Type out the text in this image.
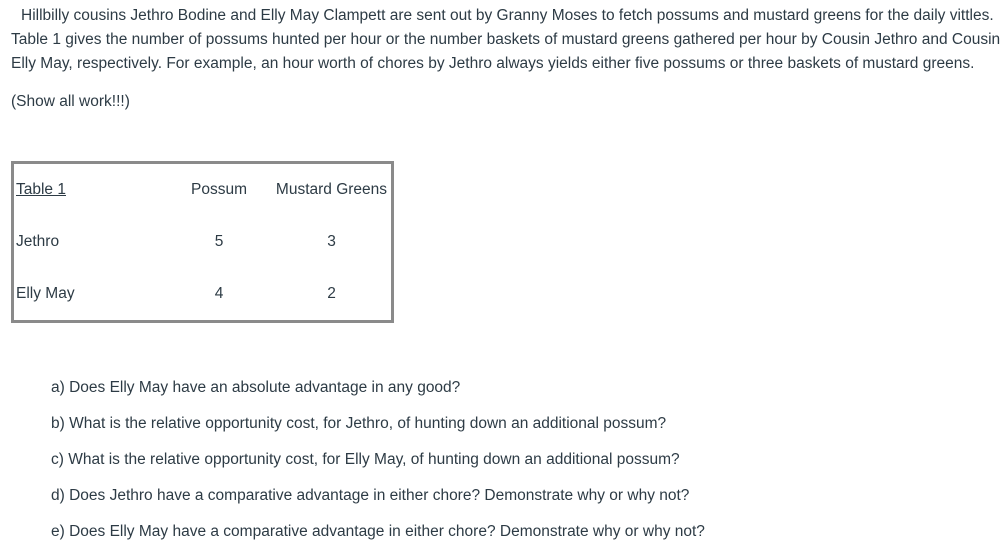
Hillbilly cousins Jethro Bodine and Elly May Clampett are sent out by Granny Moses to fetch possums and mustard greens for the daily vittles.
Table 1 gives the number of possums hunted per hour or the number baskets of mustard greens gathered per hour by Cousin Jethro and Cousin
Elly May, respectively. For example, an hour worth of chores by Jethro always yields either five possums or three baskets of mustard greens.
(Show all work!!!)
Table 1	Possum	Mustard Greens
Jethro	5	3
Elly May	4	2
a) Does Elly May have an absolute advantage in any good?
b) What is the relative opportunity cost, for Jethro, of hunting down an additional possum?
c) What is the relative opportunity cost, for Elly May, of hunting down an additional possum?
d) Does Jethro have a comparative advantage in either chore? Demonstrate why or why not?
e) Does Elly May have a comparative advantage in either chore? Demonstrate why or why not?
